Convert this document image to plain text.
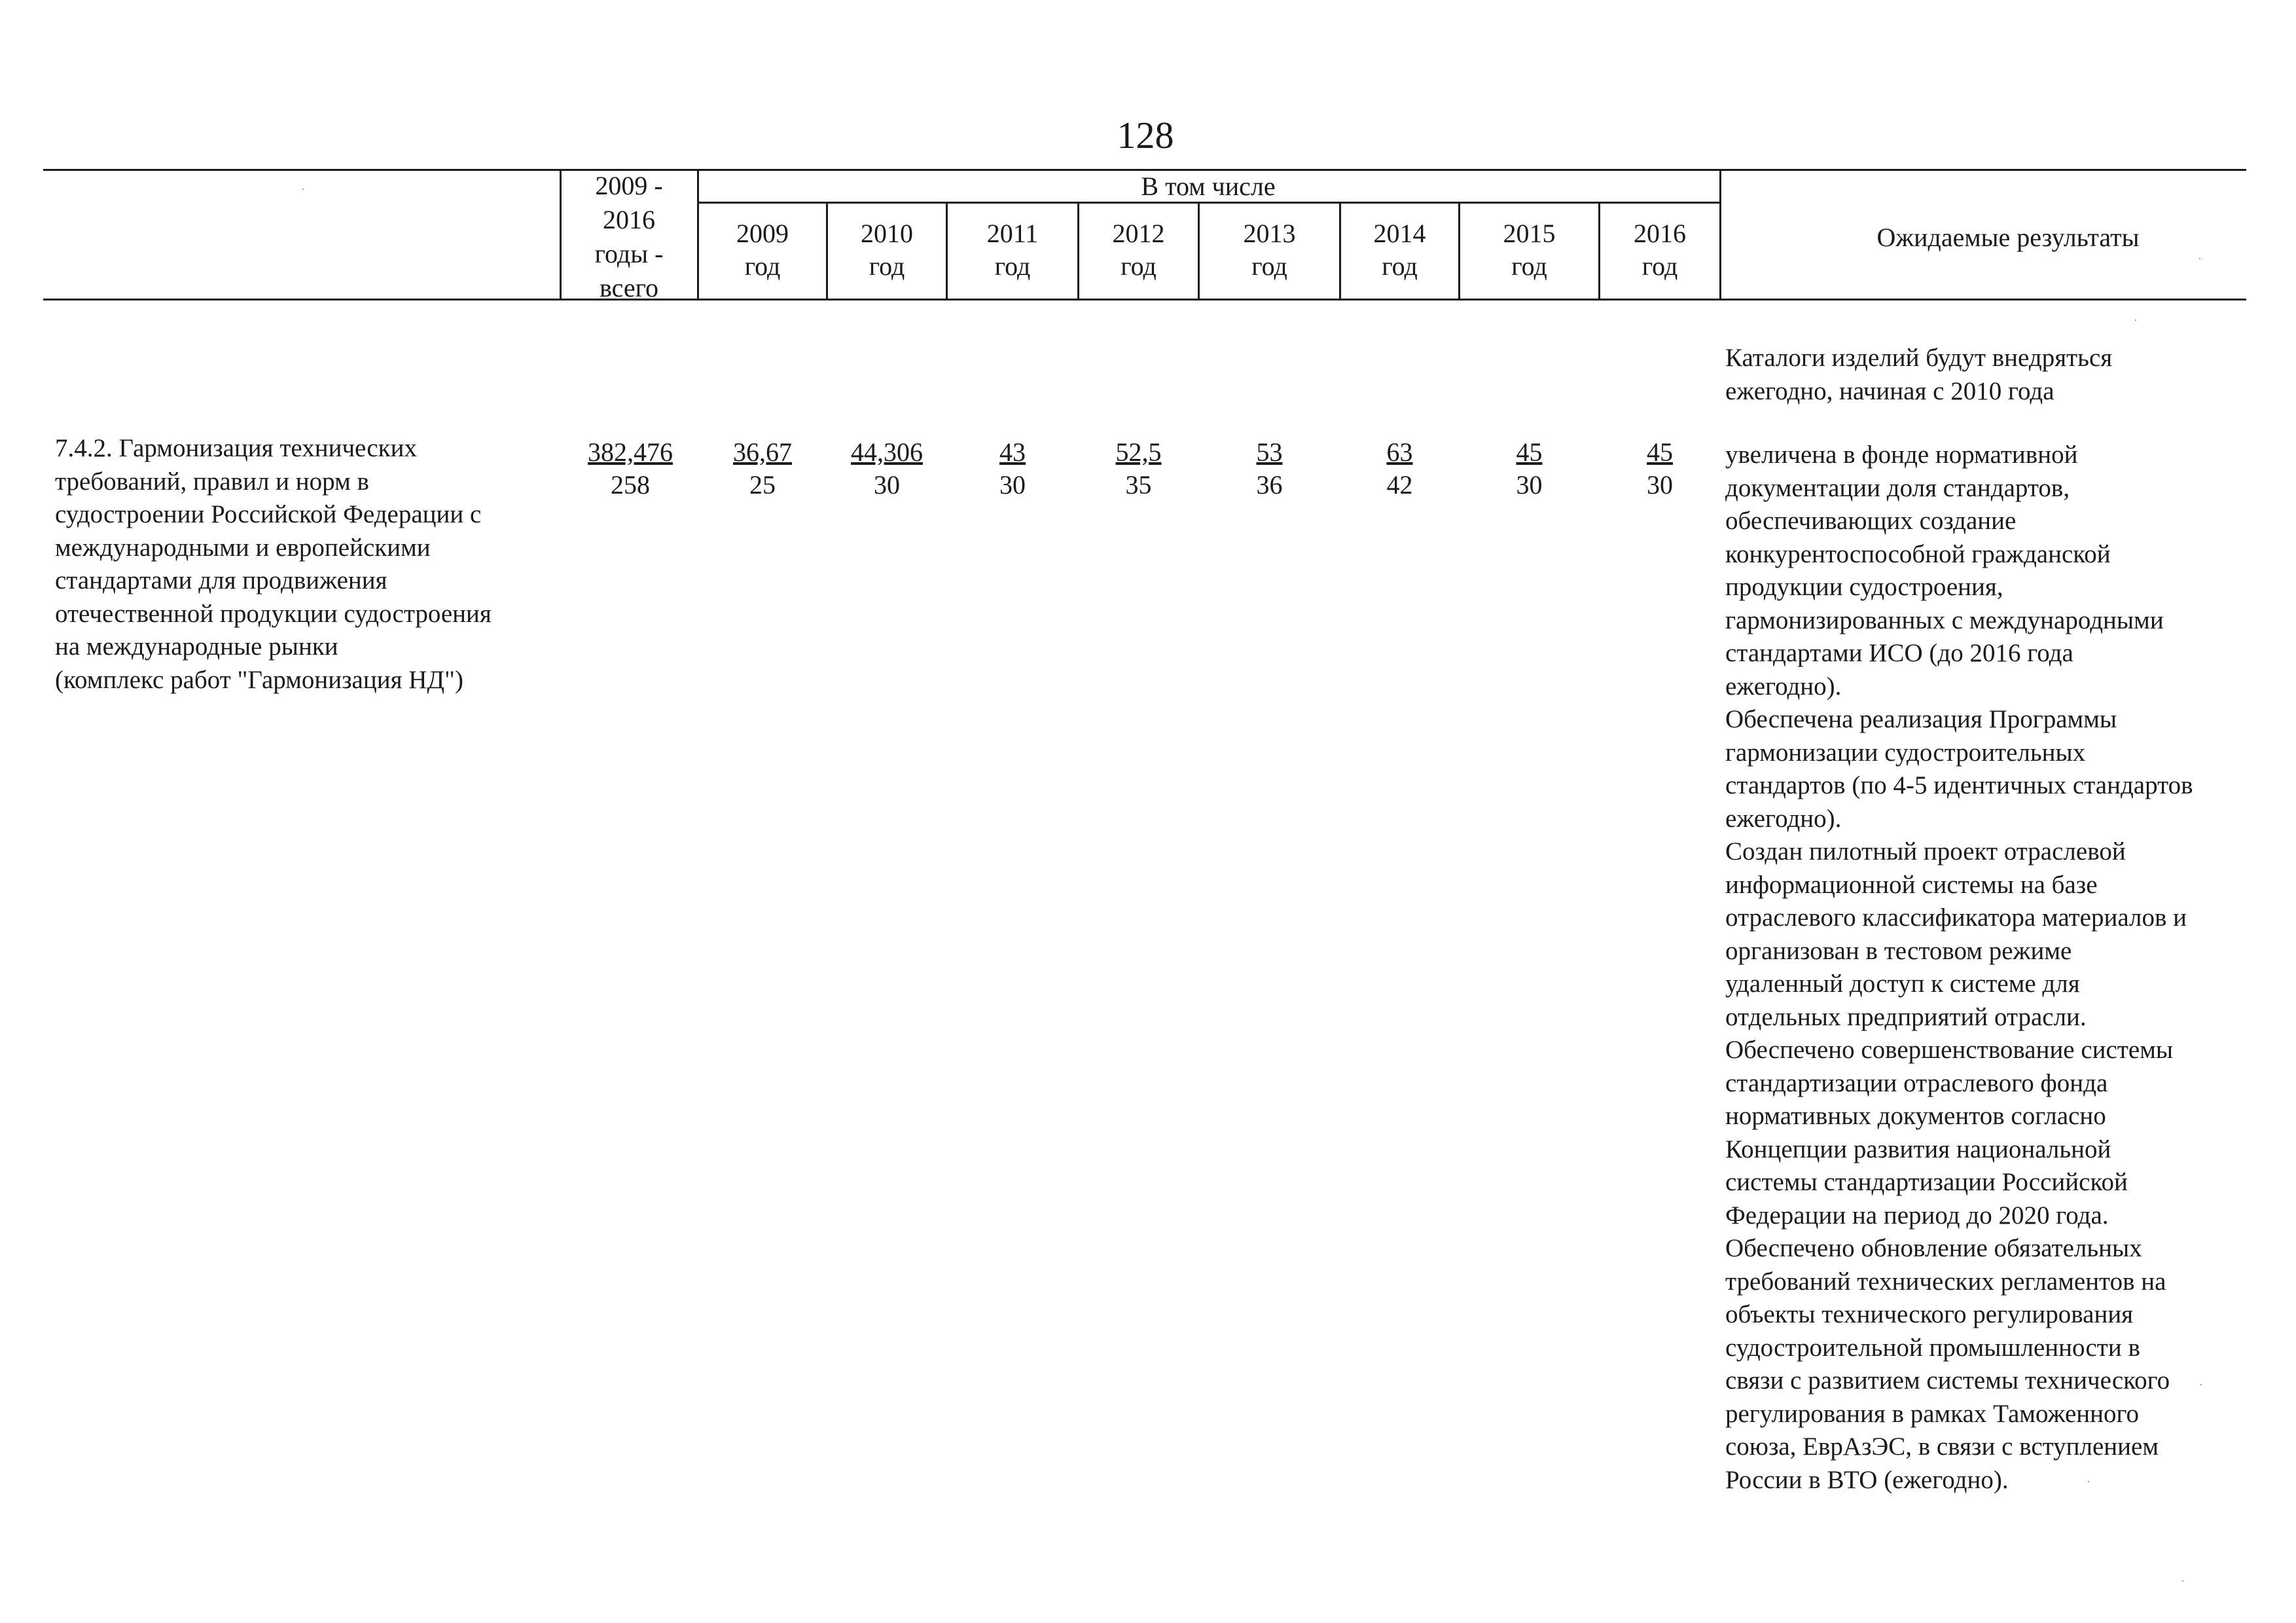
128
2009 -
2016
годы -
всего
В том числе
2009
год
2010
год
2011
год
2012
год
2013
год
2014
год
2015
год
2016
год
Ожидаемые результаты
Каталоги изделий будут внедряться
ежегодно, начиная с 2010 года
7.4.2. Гармонизация технических
требований, правил и норм в
судостроении Российской Федерации с
международными и европейскими
стандартами для продвижения
отечественной продукции судостроения
на международные рынки
(комплекс работ "Гармонизация НД")
382,476
258
36,67
25
44,306
30
43
30
52,5
35
53
36
63
42
45
30
45
30
увеличена в фонде нормативной
документации доля стандартов,
обеспечивающих создание
конкурентоспособной гражданской
продукции судостроения,
гармонизированных с международными
стандартами ИСО (до 2016 года
ежегодно).
Обеспечена реализация Программы
гармонизации судостроительных
стандартов (по 4-5 идентичных стандартов
ежегодно).
Создан пилотный проект отраслевой
информационной системы на базе
отраслевого классификатора материалов и
организован в тестовом режиме
удаленный доступ к системе для
отдельных предприятий отрасли.
Обеспечено совершенствование системы
стандартизации отраслевого фонда
нормативных документов согласно
Концепции развития национальной
системы стандартизации Российской
Федерации на период до 2020 года.
Обеспечено обновление обязательных
требований технических регламентов на
объекты технического регулирования
судостроительной промышленности в
связи с развитием системы технического
регулирования в рамках Таможенного
союза, ЕврАзЭС, в связи с вступлением
России в ВТО (ежегодно).
